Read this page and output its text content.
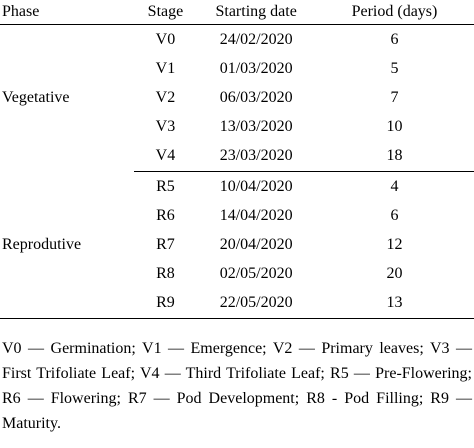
Phase	Stage	Starting date	Period (days)
Vegetative	V0	24/02/2020	6
	V1	01/03/2020	5
	V2	06/03/2020	7
	V3	13/03/2020	10
	V4	23/03/2020	18
Reprodutive	R5	10/04/2020	4
	R6	14/04/2020	6
	R7	20/04/2020	12
	R8	02/05/2020	20
	R9	22/05/2020	13
V0 — Germination; V1 — Emergence; V2 — Primary leaves; V3 — First Trifoliate Leaf; V4 — Third Trifoliate Leaf; R5 — Pre-Flowering; R6 — Flowering; R7 — Pod Development; R8 - Pod Filling; R9 — Maturity.
